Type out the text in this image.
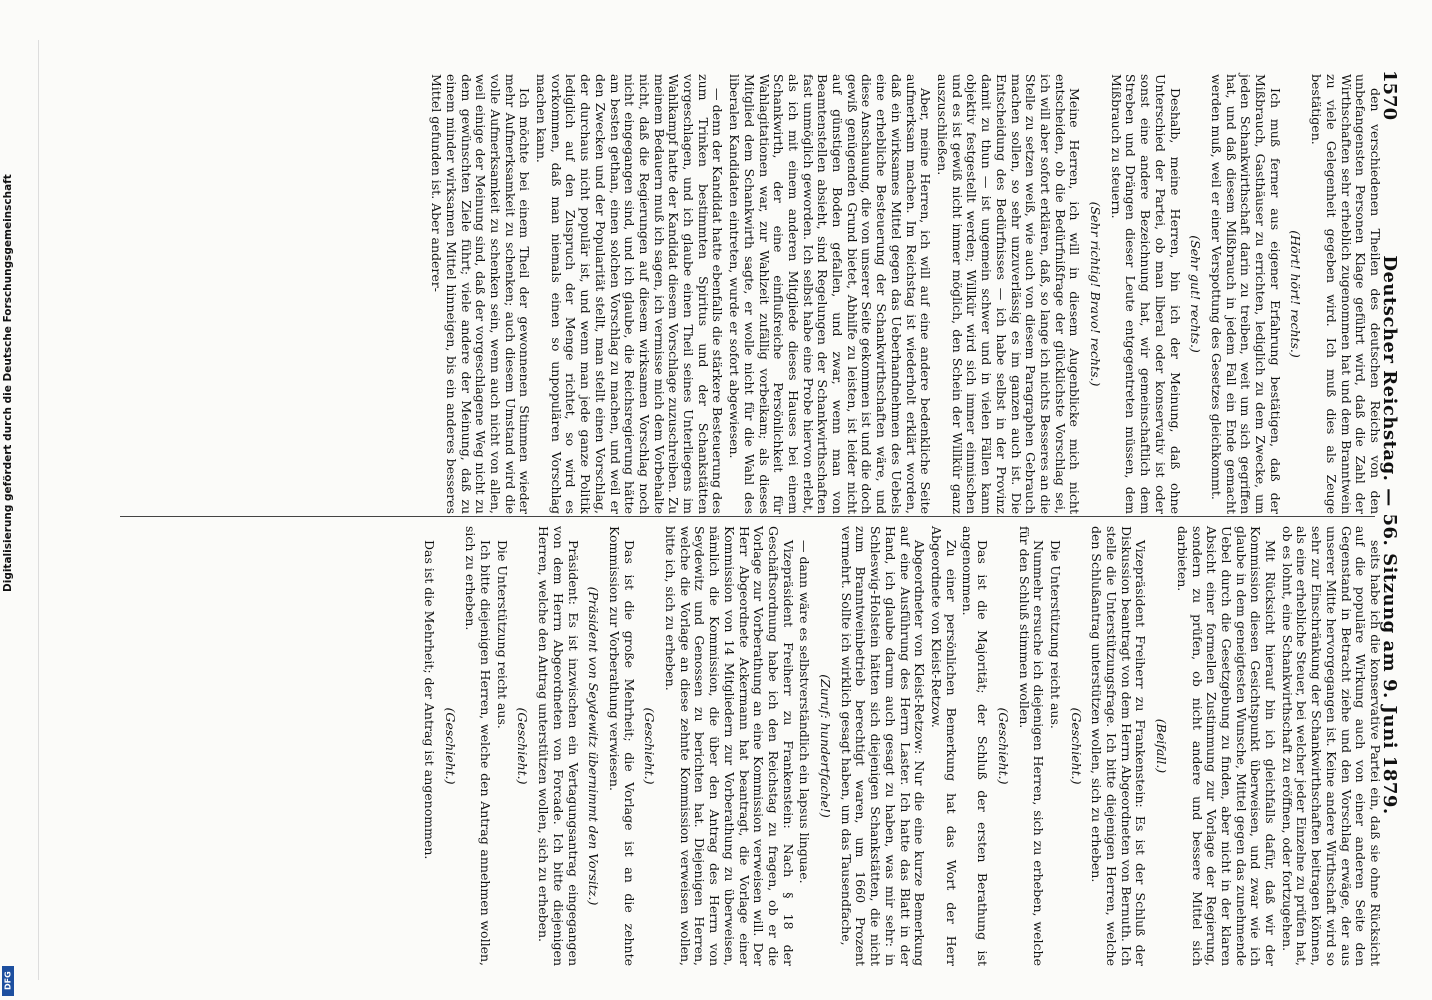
1570
Deutscher Reichstag. — 56. Sitzung am 9. Juni 1879.

den verschiedenen Theilen des deutschen Reichs von den unbefangensten Personen Klage geführt wird, daß die Zahl der Wirthschaften sehr erheblich zugenommen hat und dem Branntwein zu viele Gelegenheit gegeben wird. Ich muß dies als Zeuge bestätigen.

(Hört! hört! rechts.)

Ich muß ferner aus eigener Erfahrung bestätigen, daß der Mißbrauch, Gasthäuser zu errichten, lediglich zu dem Zwecke, um jeden Schankwirthschaft darin zu treiben, weit um sich gegriffen hat, und daß diesem Mißbrauch in jedem Fall ein Ende gemacht werden muß, weil er einer Verspottung des Gesetzes gleichkommt.

(Sehr gut! rechts.)

Deshalb, meine Herren, bin ich der Meinung, daß ohne Unterschied der Partei, ob man liberal oder konservativ ist oder sonst eine andere Bezeichnung hat, wir gemeinschaftlich dem Streben und Drängen dieser Leute entgegentreten müssen, dem Mißbrauch zu steuern.

(Sehr richtig! Bravo! rechts.)

Meine Herren, ich will in diesem Augenblicke mich nicht entscheiden, ob die Bedürfnißfrage der glücklichste Vorschlag sei, ich will aber sofort erklären, daß, so lange ich nichts Besseres an die Stelle zu setzen weiß, wie auch von diesem Paragraphen Gebrauch machen sollen, so sehr unzuverlässig es im ganzen auch ist. Die Entscheidung des Bedürfnisses — ich habe selbst in der Provinz damit zu thun — ist ungemein schwer und in vielen Fällen kann objektiv festgestellt werden; Willkür wird sich immer einmischen und es ist gewiß nicht immer möglich, den Schein der Willkür ganz auszuschließen.

Aber, meine Herren, ich will auf eine andere bedenkliche Seite aufmerksam machen. Im Reichstag ist wiederholt erklärt worden, daß ein wirksames Mittel gegen das Ueberhandnehmen des Uebels eine erhebliche Besteuerung der Schankwirthschaften wäre, und diese Anschauung, die von unserer Seite gekommen ist und die doch gewiß genügenden Grund bietet, Abhilfe zu leisten, ist leider nicht auf günstigen Boden gefallen, und zwar, wenn man von Beamtenstellen absieht, sind Regelungen der Schankwirthschaften fast unmöglich geworden. Ich selbst habe eine Probe hiervon erlebt, als ich mit einem anderen Mitgliede dieses Hauses bei einem Schankwirth, der eine einflußreiche Persönlichkeit für Wahlagitationen war, zur Wahlzeit zufällig vorbeikam; als dieses Mitglied dem Schankwirth sagte, er wolle nicht für die Wahl des liberalen Kandidaten eintreten, wurde er sofort abgewiesen.

— denn der Kandidat hatte ebenfalls die stärkere Besteuerung des zum Trinken bestimmten Spiritus und der Schankstätten vorgeschlagen, und ich glaube einen Theil seines Unterliegens im Wahlkampf hatte der Kandidat diesem Vorschlage zuzuschreiben. Zu meinem Bedauern muß ich sagen, ich vermisse mich dem Vorbehalte nicht, daß die Regierungen auf diesem wirksamen Vorschlag noch nicht eingegangen sind, und ich glaube, die Reichsregierung hätte am besten gethan, einen solchen Vorschlag zu machen, und weil er den Zwecken und der Popularität stellt, man stellt einen Vorschlag, der durchaus nicht populär ist, und wenn man jede ganze Politik lediglich auf den Zuspruch der Menge richtet, so wird es vorkommen, daß man niemals einen so unpopulären Vorschlag machen kann.

Ich möchte bei einem Theil der gewonnenen Stimmen wieder mehr Aufmerksamkeit zu schenken; auch diesem Umstand wird die volle Aufmerksamkeit zu schenken sein, wenn auch nicht von allen, weil einige der Meinung sind, daß der vorgeschlagene Weg nicht zu dem gewünschten Ziele führt; viele andere der Meinung, daß zu einem minder wirksamen Mittel hinneigen, bis ein anderes besseres Mittel gefunden ist. Aber anderer-

seits habe ich die konservative Partei ein, daß sie ohne Rücksicht auf die populäre Wirkung auch von einer anderen Seite den Gegenstand in Betracht ziehe und den Vorschlag erwäge, der aus unserer Mitte hervorgegangen ist. Keine andere Wirthschaft wird so sehr zur Einschränkung der Schankwirthschaften beitragen können, als eine erhebliche Steuer, bei welcher jeder Einzelne zu prüfen hat, ob es lohnt, eine Schankwirthschaft zu eröffnen, oder fortzugehen.

Mit Rücksicht hierauf bin ich gleichfalls dafür, daß wir der Kommission diesen Gesichtspunkt überweisen, und zwar wie ich glaube in dem geneigtesten Wunsche, Mittel gegen das zunehmende Uebel durch die Gesetzgebung zu finden, aber nicht in der klaren Absicht einer formellen Zustimmung zur Vorlage der Regierung, sondern zu prüfen, ob nicht andere und bessere Mittel sich darbieten.

(Beifall.)

Vizepräsident Freiherr zu Frankenstein: Es ist der Schluß der Diskussion beantragt von dem Herrn Abgeordneten von Bernuth. Ich stelle die Unterstützungsfrage. Ich bitte diejenigen Herren, welche den Schlußantrag unterstützen wollen, sich zu erheben.

(Geschieht.)

Die Unterstützung reicht aus.

Nunmehr ersuche ich diejenigen Herren, sich zu erheben, welche für den Schluß stimmen wollen.

(Geschieht.)

Das ist die Majorität; der Schluß der ersten Berathung ist angenommen.

Zu einer persönlichen Bemerkung hat das Wort der Herr Abgeordnete von Kleist-Retzow.

Abgeordneter von Kleist-Retzow: Nur die eine kurze Bemerkung auf eine Ausführung des Herrn Laster. Ich hatte das Blatt in der Hand, ich glaube darum auch gesagt zu haben, was mir sehr: in Schleswig-Holstein hätten sich diejenigen Schankstätten, die nicht zum Branntweinbetrieb berechtigt waren, um 1660 Prozent vermehrt. Sollte ich wirklich gesagt haben, um das Tausendfache,

(Zuruf: hundertfache!)

— dann wäre es selbstverständlich ein lapsus linguae.

Vizepräsident Freiherr zu Frankenstein: Nach § 18 der Geschäftsordnung habe ich den Reichstag zu fragen, ob er die Vorlage zur Vorberathung an eine Kommission verweisen will. Der Herr Abgeordnete Ackermann hat beantragt, die Vorlage einer Kommission von 14 Mitgliedern zur Vorberathung zu überweisen, nämlich die Kommission, die über den Antrag des Herrn von Seydewitz und Genossen zu berichten hat. Diejenigen Herren, welche die Vorlage an diese zehnte Kommission verweisen wollen, bitte ich, sich zu erheben.

(Geschieht.)

Das ist die große Mehrheit; die Vorlage ist an die zehnte Kommission zur Vorberathung verwiesen.

(Präsident von Seydewitz übernimmt den Vorsitz.)

Präsident: Es ist inzwischen ein Vertagungsantrag eingegangen von dem Herrn Abgeordneten von Forcade. Ich bitte diejenigen Herren, welche den Antrag unterstützen wollen, sich zu erheben.

(Geschieht.)

Die Unterstützung reicht aus.

Ich bitte diejenigen Herren, welche den Antrag annehmen wollen, sich zu erheben.

(Geschieht.)

Das ist die Mehrheit; der Antrag ist angenommen.

Digitalisierung gefördert durch die Deutsche Forschungsgemeinschaft
DFG
